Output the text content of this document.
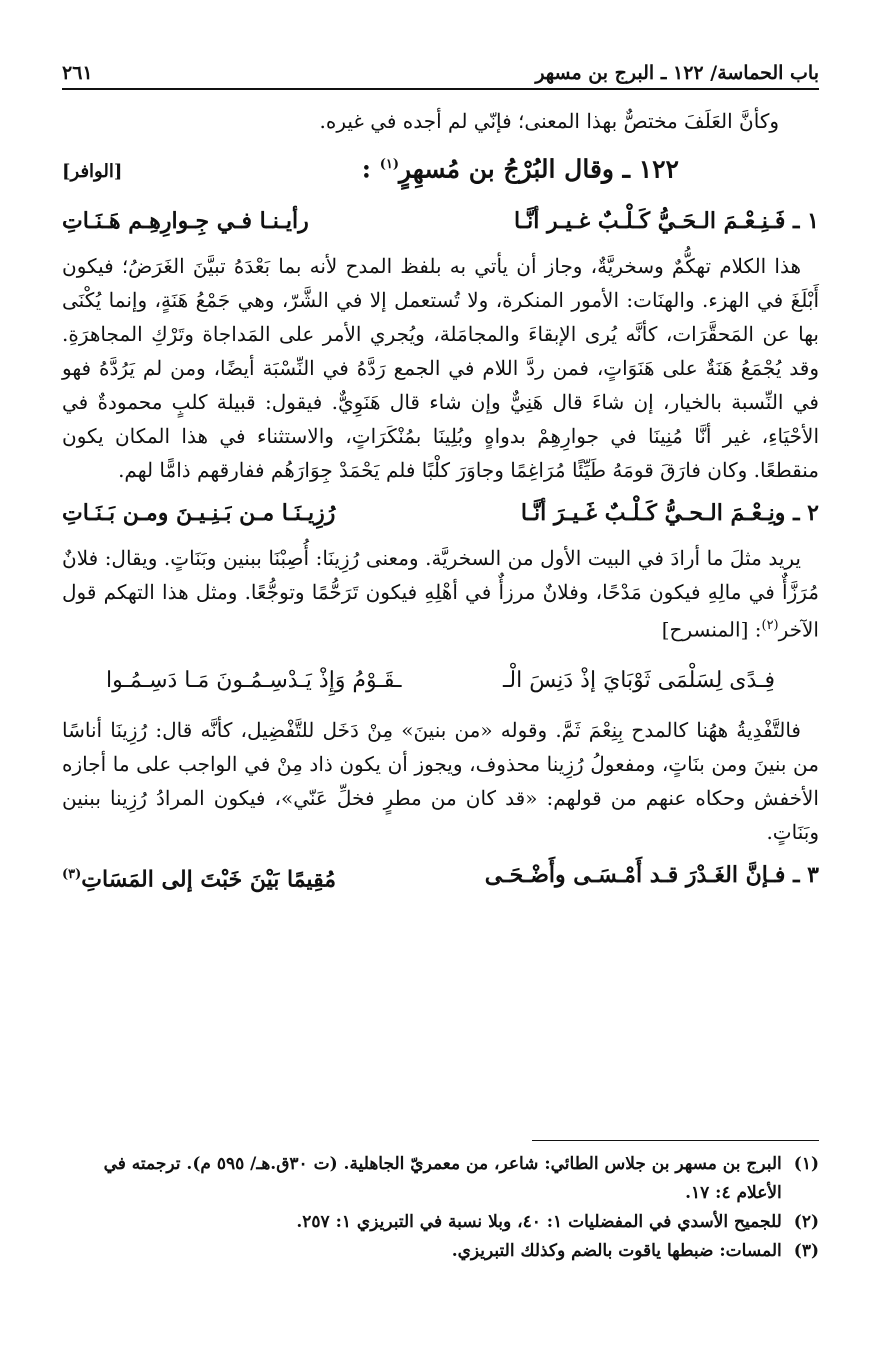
باب الحماسة/ ١٢٢ ـ البرج بن مسهر
٢٦١

وكأنَّ العَلَفَ مختصٌّ بهذا المعنى؛ فإنّي لم أجده في غيره.

١٢٢ ـ وقال البُرْجُ بن مُسهِرٍ$^{(١)}$ :
[الوافر]
١ ـ فَـنِـعْـمَ الـحَـيُّ كَـلْـبٌ غـيـر أنَّـا
رأيـنـا فـي جِـوارِهِـم هَـنَـاتِ

هذا الكلام تهكُّمٌ وسخريَّةٌ، وجاز أن يأتي به بلفظ المدح لأنه بما بَعْدَهُ تبيَّنَ الغَرَضُ؛ فيكون أَبْلَغَ في الهزء. والهنَات: الأمور المنكرة، ولا تُستعمل إلا في الشَّرّ، وهي جَمْعُ هَنَةٍ، وإنما يُكْنَى بها عن المَحقَّرَات، كأنَّه يُرى الإبقاءَ والمجامَلة، ويُجري الأمر على المَداجاة وتَرْكِ المجاهرَةِ. وقد يُجْمَعُ هَنَةٌ على هَنَوَاتٍ، فمن ردَّ اللام في الجمع رَدَّهُ في النِّسْبَة أيضًا، ومن لم يَرُدَّهُ فهو في النِّسبة بالخيار، إن شاءَ قال هَنِيٌّ وإن شاء قال هَنَوِيٌّ. فيقول: قبيلة كلبٍ محمودةٌ في الأحْيَاءِ، غير أنَّا مُنِينَا في جوارِهِمْ بدواهٍ وبُلِينَا بمُنْكَرَاتٍ، والاستثناء في هذا المكان يكون منقطعًا. وكان فارَقَ قومَهُ طَيِّئًا مُرَاغِمًا وجاوَرَ كلْبًا فلم يَحْمَدْ جِوَارَهُم ففارقهم ذامًّا لهم.

٢ ـ ونِـعْـمَ الـحـيُّ كَـلْـبٌ غَـيـرَ أنَّـا
رُزِيـنَـا مـن بَـنِـيـنَ ومـن بَـنَـاتِ

يريد مثلَ ما أرادَ في البيت الأول من السخريَّة. ومعنى رُزِينَا: أُصِبْنَا ببنين وبَنَاتٍ. ويقال: فلانٌ مُرَزَّأٌ في مالِهِ فيكون مَدْحًا، وفلانٌ مرزأٌ في أهْلِهِ فيكون تَرَحُّمًا وتوجُّعًا. ومثل هذا التهكم قول الآخر$^{(٢)}$: [المنسرح]

فِـدًى لِسَلْمَى ثَوْبَايَ إذْ دَنِسَ الْـ
ـقَـوْمُ وَإِذْ يَـدْسِـمُـونَ مَـا دَسِـمُـوا

فالتَّفْدِيةُ ههُنا كالمدح بِنِعْمَ ثَمَّ. وقوله «من بنينَ» مِنْ دَخَل للتَّفْضِيل، كأنَّه قال: رُزِينَا أناسًا من بنينَ ومن بنَاتٍ، ومفعولُ رُزِينا محذوف، ويجوز أن يكون ذاد مِنْ في الواجب على ما أجازه الأخفش وحكاه عنهم من قولهم: «قد كان من مطرٍ فخلِّ عَنّي»، فيكون المرادُ رُزِينا ببنين وبَنَاتٍ.

٣ ـ فـإنَّ الغَـدْرَ قـد أَمْـسَـى وأَضْـحَـى
مُقِيمًا بَيْنَ خَبْتَ إلى المَسَاتِ$^{(٣)}$
(١)
البرج بن مسهر بن جلاس الطائي: شاعر، من معمريّ الجاهلية. (ت ٣٠ق.هـ/ ٥٩٥ م). ترجمته في الأعلام ٤: ١٧.
(٢)
للجميح الأسدي في المفضليات ١: ٤٠، وبلا نسبة في التبريزي ١: ٢٥٧.
(٣)
المسات: ضبطها ياقوت بالضم وكذلك التبريزي.
